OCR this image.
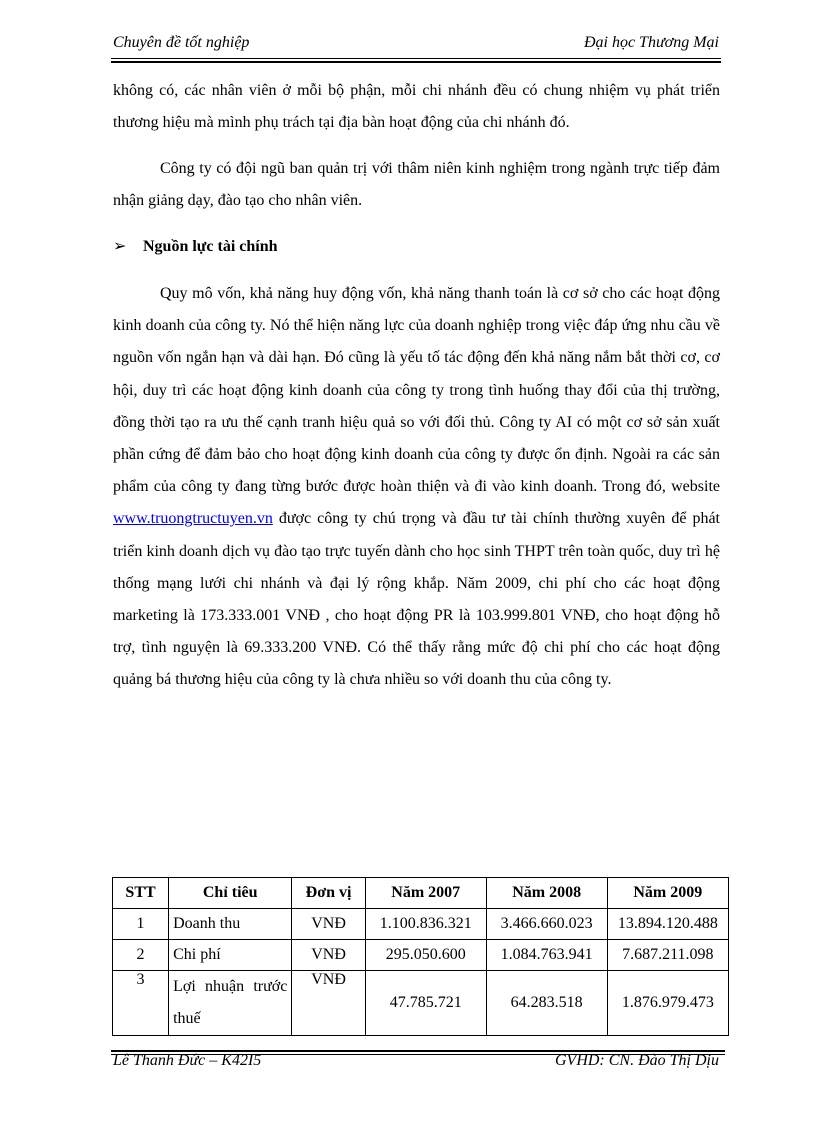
Chuyên đề tốt nghiệp	Đại học Thương Mại
không có, các nhân viên ở mỗi bộ phận, mỗi chi nhánh đều có chung nhiệm vụ phát triển thương hiệu mà mình phụ trách tại địa bàn hoạt động của chi nhánh đó.
Công ty có đội ngũ ban quản trị với thâm niên kinh nghiệm trong ngành trực tiếp đảm nhận giảng dạy, đào tạo cho nhân viên.
➢ Nguồn lực tài chính
Quy mô vốn, khả năng huy động vốn, khả năng thanh toán là cơ sở cho các hoạt động kinh doanh của công ty. Nó thể hiện năng lực của doanh nghiệp trong việc đáp ứng nhu cầu về nguồn vốn ngắn hạn và dài hạn. Đó cũng là yếu tố tác động đến khả năng nắm bắt thời cơ, cơ hội, duy trì các hoạt động kinh doanh của công ty trong tình huống thay đổi của thị trường, đồng thời tạo ra ưu thế cạnh tranh hiệu quả so với đối thủ. Công ty AI có một cơ sở sản xuất phần cứng để đảm bảo cho hoạt động kinh doanh của công ty được ổn định. Ngoài ra các sản phẩm của công ty đang từng bước được hoàn thiện và đi vào kinh doanh. Trong đó, website www.truongtructuyen.vn được công ty chú trọng và đầu tư tài chính thường xuyên để phát triển kinh doanh dịch vụ đào tạo trực tuyến dành cho học sinh THPT trên toàn quốc, duy trì hệ thống mạng lưới chi nhánh và đại lý rộng khắp. Năm 2009, chi phí cho các hoạt động marketing là 173.333.001 VNĐ , cho hoạt động PR là 103.999.801 VNĐ, cho hoạt động hỗ trợ, tình nguyện là 69.333.200 VNĐ. Có thể thấy rằng mức độ chi phí cho các hoạt động quảng bá thương hiệu của công ty là chưa nhiều so với doanh thu của công ty.
STT	Chỉ tiêu	Đơn vị	Năm 2007	Năm 2008	Năm 2009
1	Doanh thu	VNĐ	1.100.836.321	3.466.660.023	13.894.120.488
2	Chi phí	VNĐ	295.050.600	1.084.763.941	7.687.211.098
3	Lợi nhuận trước thuế	VNĐ	47.785.721	64.283.518	1.876.979.473
Lê Thanh Đức – K42I5	GVHD: CN. Đào Thị Dịu
